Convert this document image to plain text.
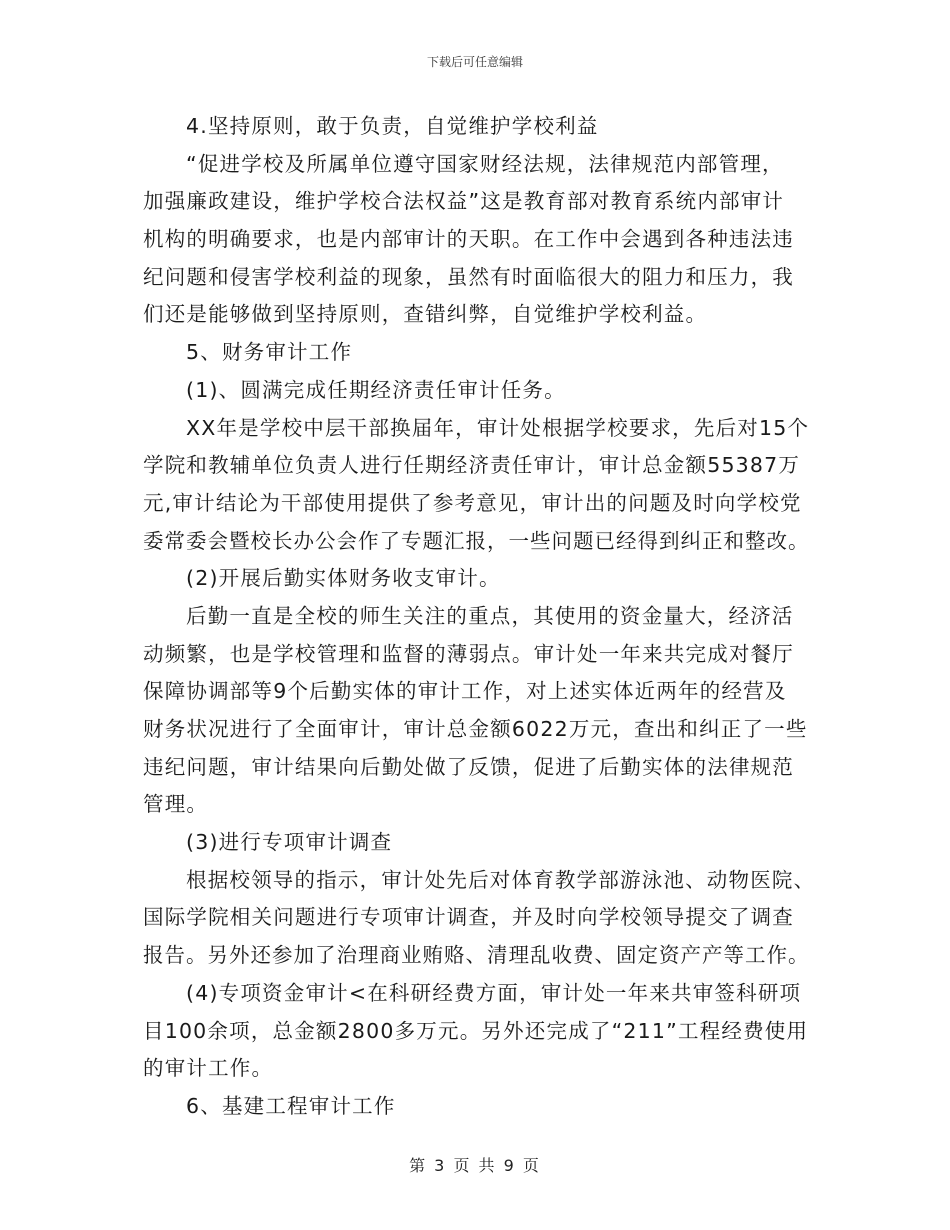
下载后可任意编辑
4.坚持原则，敢于负责，自觉维护学校利益
“促进学校及所属单位遵守国家财经法规，法律规范内部管理，
加强廉政建设，维护学校合法权益”这是教育部对教育系统内部审计
机构的明确要求，也是内部审计的天职。在工作中会遇到各种违法违
纪问题和侵害学校利益的现象，虽然有时面临很大的阻力和压力，我
们还是能够做到坚持原则，查错纠弊，自觉维护学校利益。
5、财务审计工作
(1)、圆满完成任期经济责任审计任务。
XX年是学校中层干部换届年，审计处根据学校要求，先后对15个
学院和教辅单位负责人进行任期经济责任审计，审计总金额55387万
元,审计结论为干部使用提供了参考意见，审计出的问题及时向学校党
委常委会暨校长办公会作了专题汇报，一些问题已经得到纠正和整改。
(2)开展后勤实体财务收支审计。
后勤一直是全校的师生关注的重点，其使用的资金量大，经济活
动频繁，也是学校管理和监督的薄弱点。审计处一年来共完成对餐厅
保障协调部等9个后勤实体的审计工作，对上述实体近两年的经营及
财务状况进行了全面审计，审计总金额6022万元，查出和纠正了一些
违纪问题，审计结果向后勤处做了反馈，促进了后勤实体的法律规范
管理。
(3)进行专项审计调查
根据校领导的指示，审计处先后对体育教学部游泳池、动物医院、
国际学院相关问题进行专项审计调查，并及时向学校领导提交了调查
报告。另外还参加了治理商业贿赂、清理乱收费、固定资产产等工作。
(4)专项资金审计<在科研经费方面，审计处一年来共审签科研项
目100余项，总金额2800多万元。另外还完成了“211”工程经费使用
的审计工作。
6、基建工程审计工作
第 3 页 共 9 页
